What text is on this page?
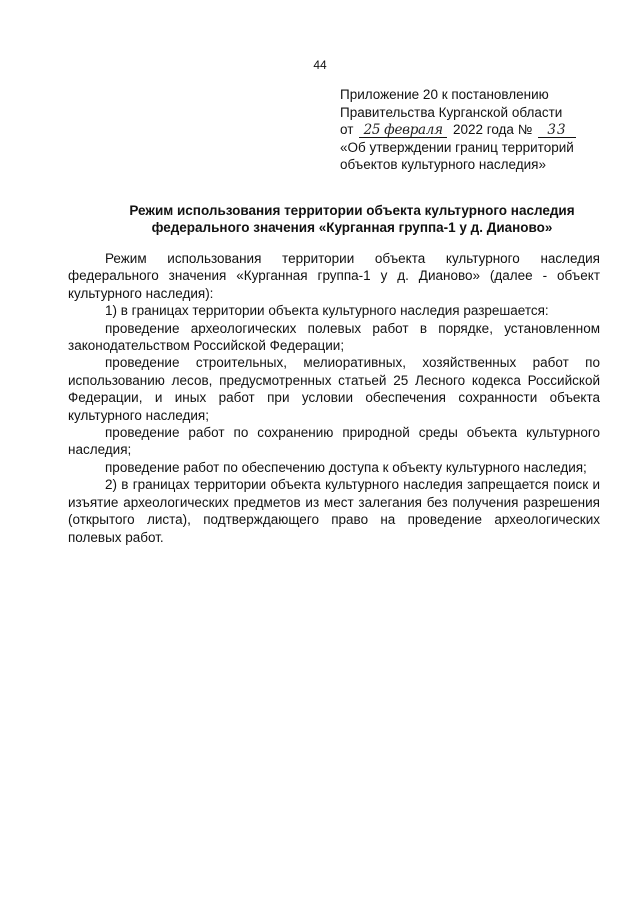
44
Приложение 20 к постановлению
Правительства Курганской области
от 25 февраля 2022 года № 33
«Об утверждении границ территорий
объектов культурного наследия»
Режим использования территории объекта культурного наследия
федерального значения «Курганная группа-1 у д. Дианово»

Режим использования территории объекта культурного наследия федерального значения «Курганная группа-1 у д. Дианово» (далее - объект культурного наследия):

1) в границах территории объекта культурного наследия разрешается:

проведение археологических полевых работ в порядке, установленном законодательством Российской Федерации;

проведение строительных, мелиоративных, хозяйственных работ по использованию лесов, предусмотренных статьей 25 Лесного кодекса Российской Федерации, и иных работ при условии обеспечения сохранности объекта культурного наследия;

проведение работ по сохранению природной среды объекта культурного наследия;

проведение работ по обеспечению доступа к объекту культурного наследия;

2) в границах территории объекта культурного наследия запрещается поиск и изъятие археологических предметов из мест залегания без получения разрешения (открытого листа), подтверждающего право на проведение археологических полевых работ.
